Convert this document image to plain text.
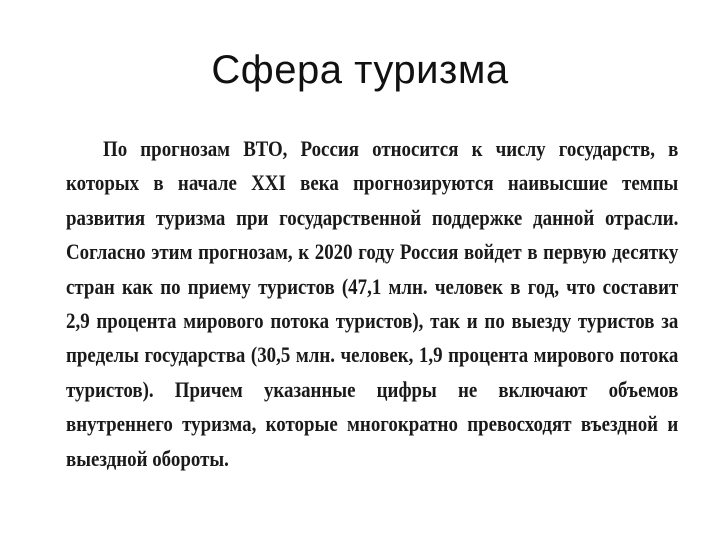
Сфера туризма

По прогнозам ВТО, Россия относится к числу государств, в которых в начале XXI века прогнозируются наивысшие темпы развития туризма при государственной поддержке данной отрасли. Согласно этим прогнозам, к 2020 году Россия войдет в первую десятку стран как по приему туристов (47,1 млн. человек в год, что составит 2,9 процента мирового потока туристов), так и по выезду туристов за пределы государства (30,5 млн. человек, 1,9 процента мирового потока туристов). Причем указанные цифры не включают объемов внутреннего туризма, которые многократно превосходят въездной и выездной обороты.
